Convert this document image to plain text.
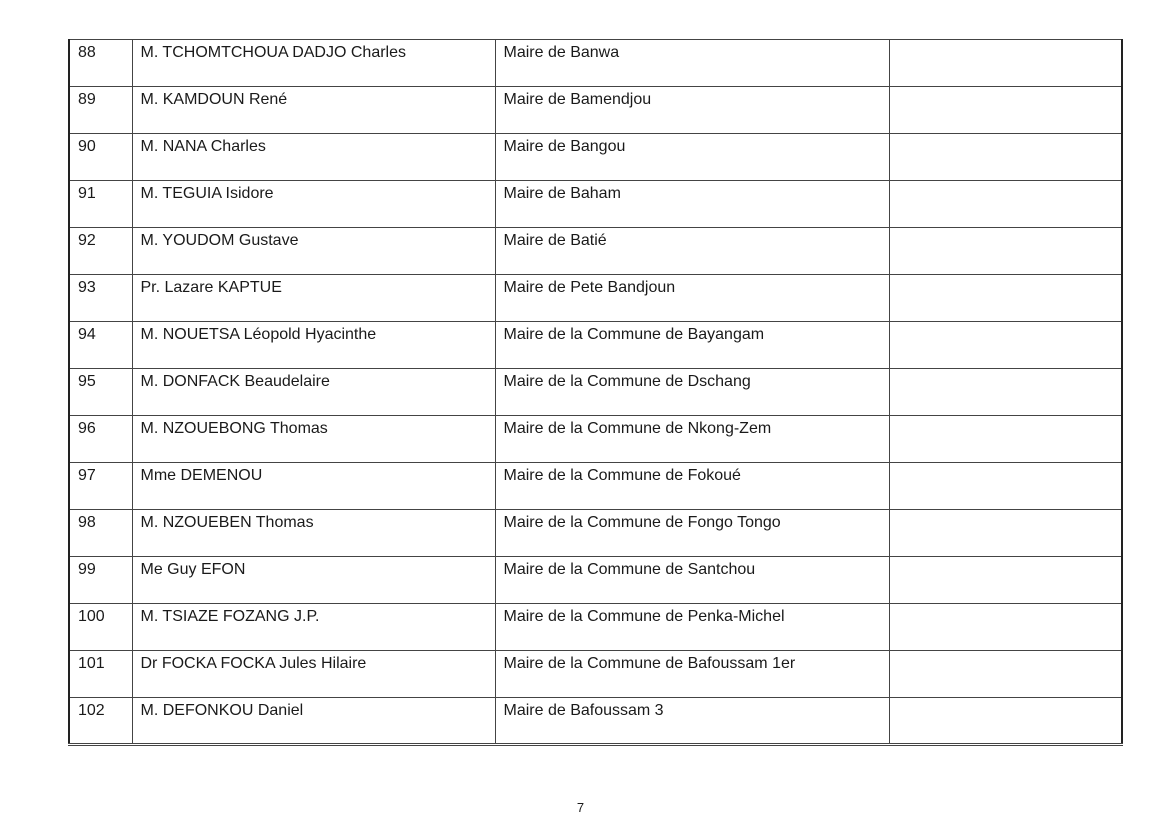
88	M. TCHOMTCHOUA DADJO Charles	Maire de Banwa	
89	M. KAMDOUN René	Maire de Bamendjou	
90	M. NANA Charles	Maire de Bangou	
91	M. TEGUIA Isidore	Maire de Baham	
92	M. YOUDOM Gustave	Maire de Batié	
93	Pr. Lazare KAPTUE	Maire de Pete Bandjoun	
94	M. NOUETSA Léopold Hyacinthe	Maire de la Commune de Bayangam	
95	M. DONFACK Beaudelaire	Maire de la Commune de Dschang	
96	M. NZOUEBONG Thomas	Maire de la Commune de Nkong-Zem	
97	Mme DEMENOU	Maire de la Commune de Fokoué	
98	M. NZOUEBEN Thomas	Maire de la Commune de Fongo Tongo	
99	Me Guy EFON	Maire de la Commune de Santchou	
100	M. TSIAZE FOZANG J.P.	Maire de la Commune de Penka-Michel	
101	Dr FOCKA FOCKA Jules Hilaire	Maire de la Commune de Bafoussam 1er	
102	M. DEFONKOU Daniel	Maire de Bafoussam 3	
7
